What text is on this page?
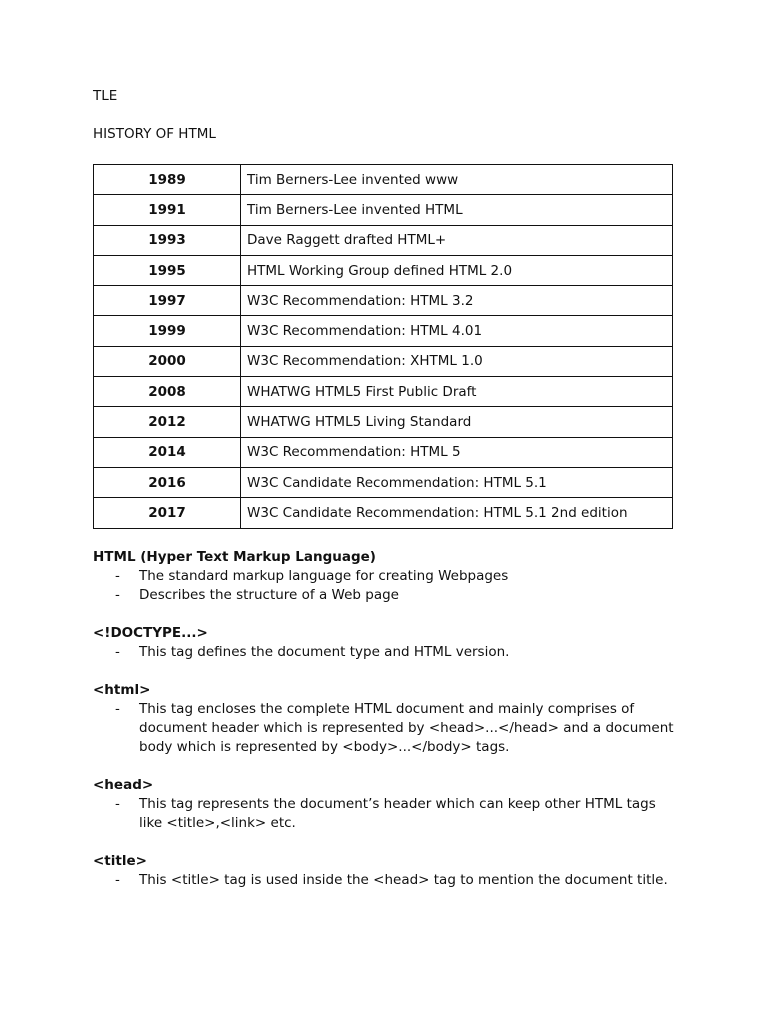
TLE
HISTORY OF HTML
1989	Tim Berners-Lee invented www
1991	Tim Berners-Lee invented HTML
1993	Dave Raggett drafted HTML+
1995	HTML Working Group defined HTML 2.0
1997	W3C Recommendation: HTML 3.2
1999	W3C Recommendation: HTML 4.01
2000	W3C Recommendation: XHTML 1.0
2008	WHATWG HTML5 First Public Draft
2012	WHATWG HTML5 Living Standard
2014	W3C Recommendation: HTML 5
2016	W3C Candidate Recommendation: HTML 5.1
2017	W3C Candidate Recommendation: HTML 5.1 2nd edition
HTML (Hyper Text Markup Language)
- The standard markup language for creating Webpages
- Describes the structure of a Web page
<!DOCTYPE...>
- This tag defines the document type and HTML version.
<html>
- This tag encloses the complete HTML document and mainly comprises of document header which is represented by <head>...</head> and a document body which is represented by <body>...</body> tags.
<head>
- This tag represents the document’s header which can keep other HTML tags like <title>,<link> etc.
<title>
- This <title> tag is used inside the <head> tag to mention the document title.
